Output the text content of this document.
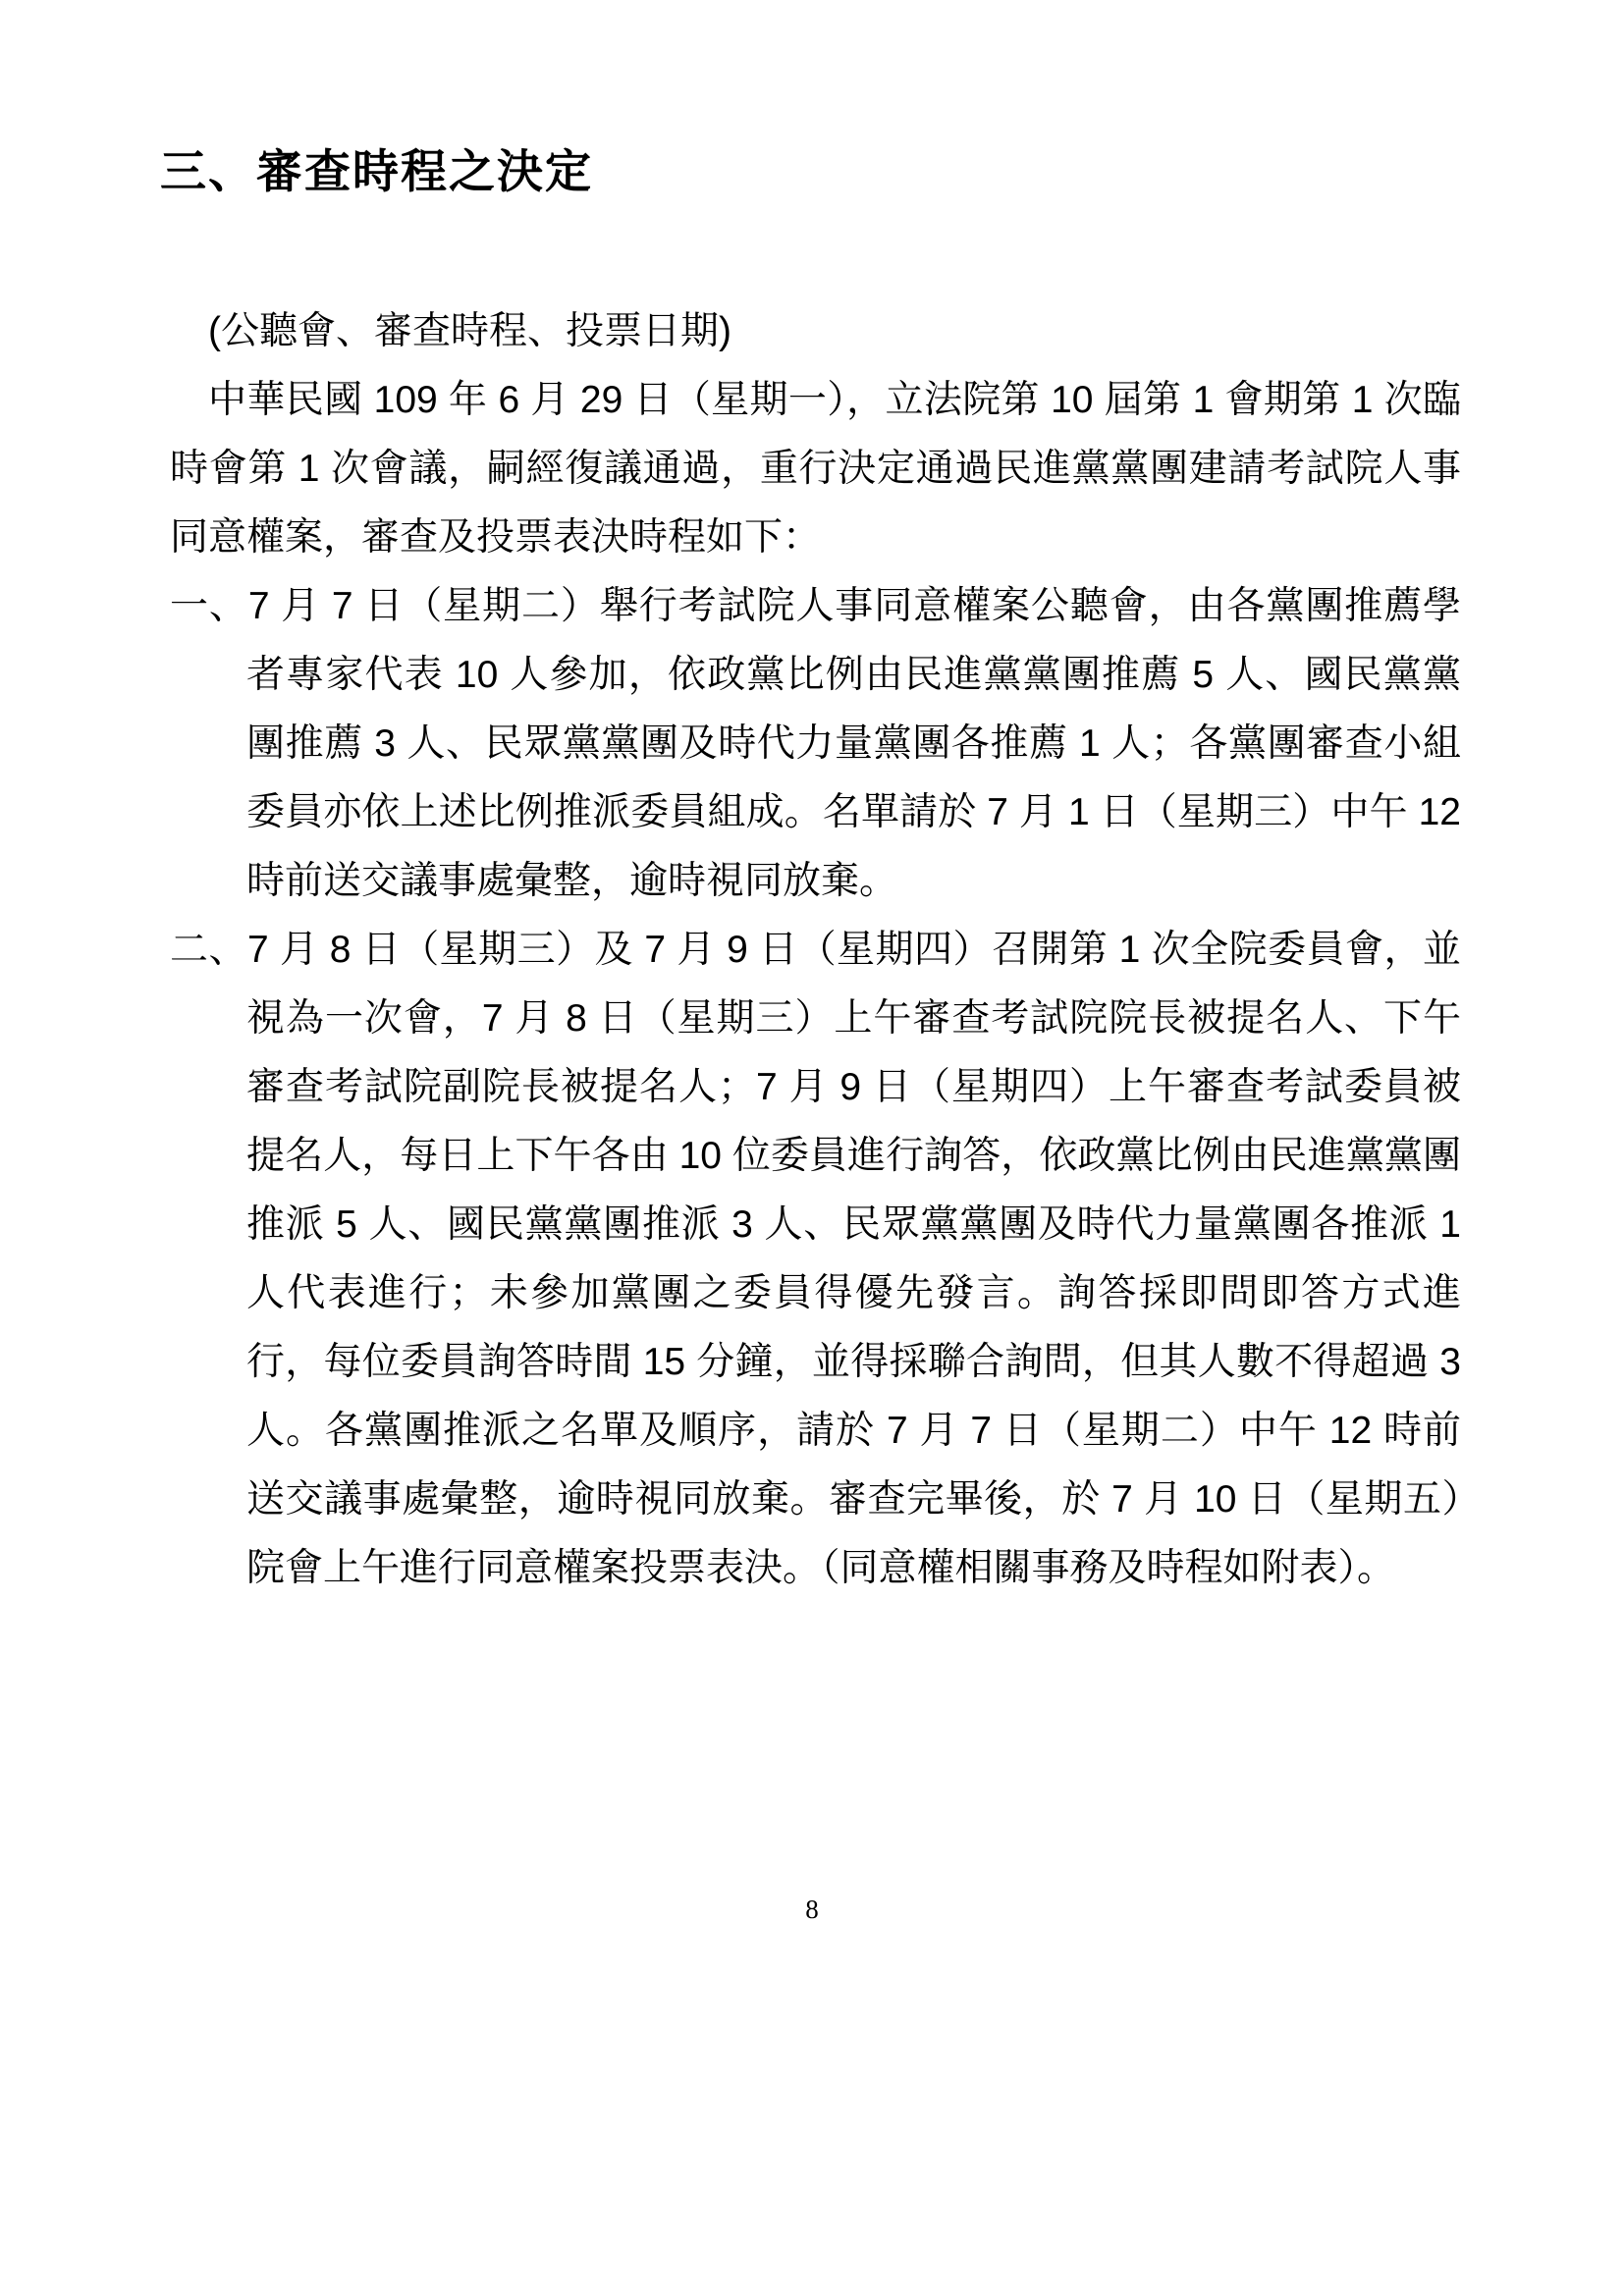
三、審查時程之決定

(公聽會、審查時程、投票日期)

中華民國 109 年 6 月 29 日（星期一），立法院第 10 屆第 1 會期第 1 次臨時會第 1 次會議，嗣經復議通過，重行決定通過民進黨黨團建請考試院人事同意權案，審查及投票表決時程如下：

一、7 月 7 日（星期二）舉行考試院人事同意權案公聽會，由各黨團推薦學者專家代表 10 人參加，依政黨比例由民進黨黨團推薦 5 人、國民黨黨團推薦 3 人、民眾黨黨團及時代力量黨團各推薦 1 人；各黨團審查小組委員亦依上述比例推派委員組成。名單請於 7 月 1 日（星期三）中午 12 時前送交議事處彙整，逾時視同放棄。

二、7 月 8 日（星期三）及 7 月 9 日（星期四）召開第 1 次全院委員會，並視為一次會，7 月 8 日（星期三）上午審查考試院院長被提名人、下午審查考試院副院長被提名人；7 月 9 日（星期四）上午審查考試委員被提名人，每日上下午各由 10 位委員進行詢答，依政黨比例由民進黨黨團推派 5 人、國民黨黨團推派 3 人、民眾黨黨團及時代力量黨團各推派 1 人代表進行；未參加黨團之委員得優先發言。詢答採即問即答方式進行，每位委員詢答時間 15 分鐘，並得採聯合詢問，但其人數不得超過 3 人。各黨團推派之名單及順序，請於 7 月 7 日（星期二）中午 12 時前送交議事處彙整，逾時視同放棄。審查完畢後，於 7 月 10 日（星期五）院會上午進行同意權案投票表決。（同意權相關事務及時程如附表）。

8
